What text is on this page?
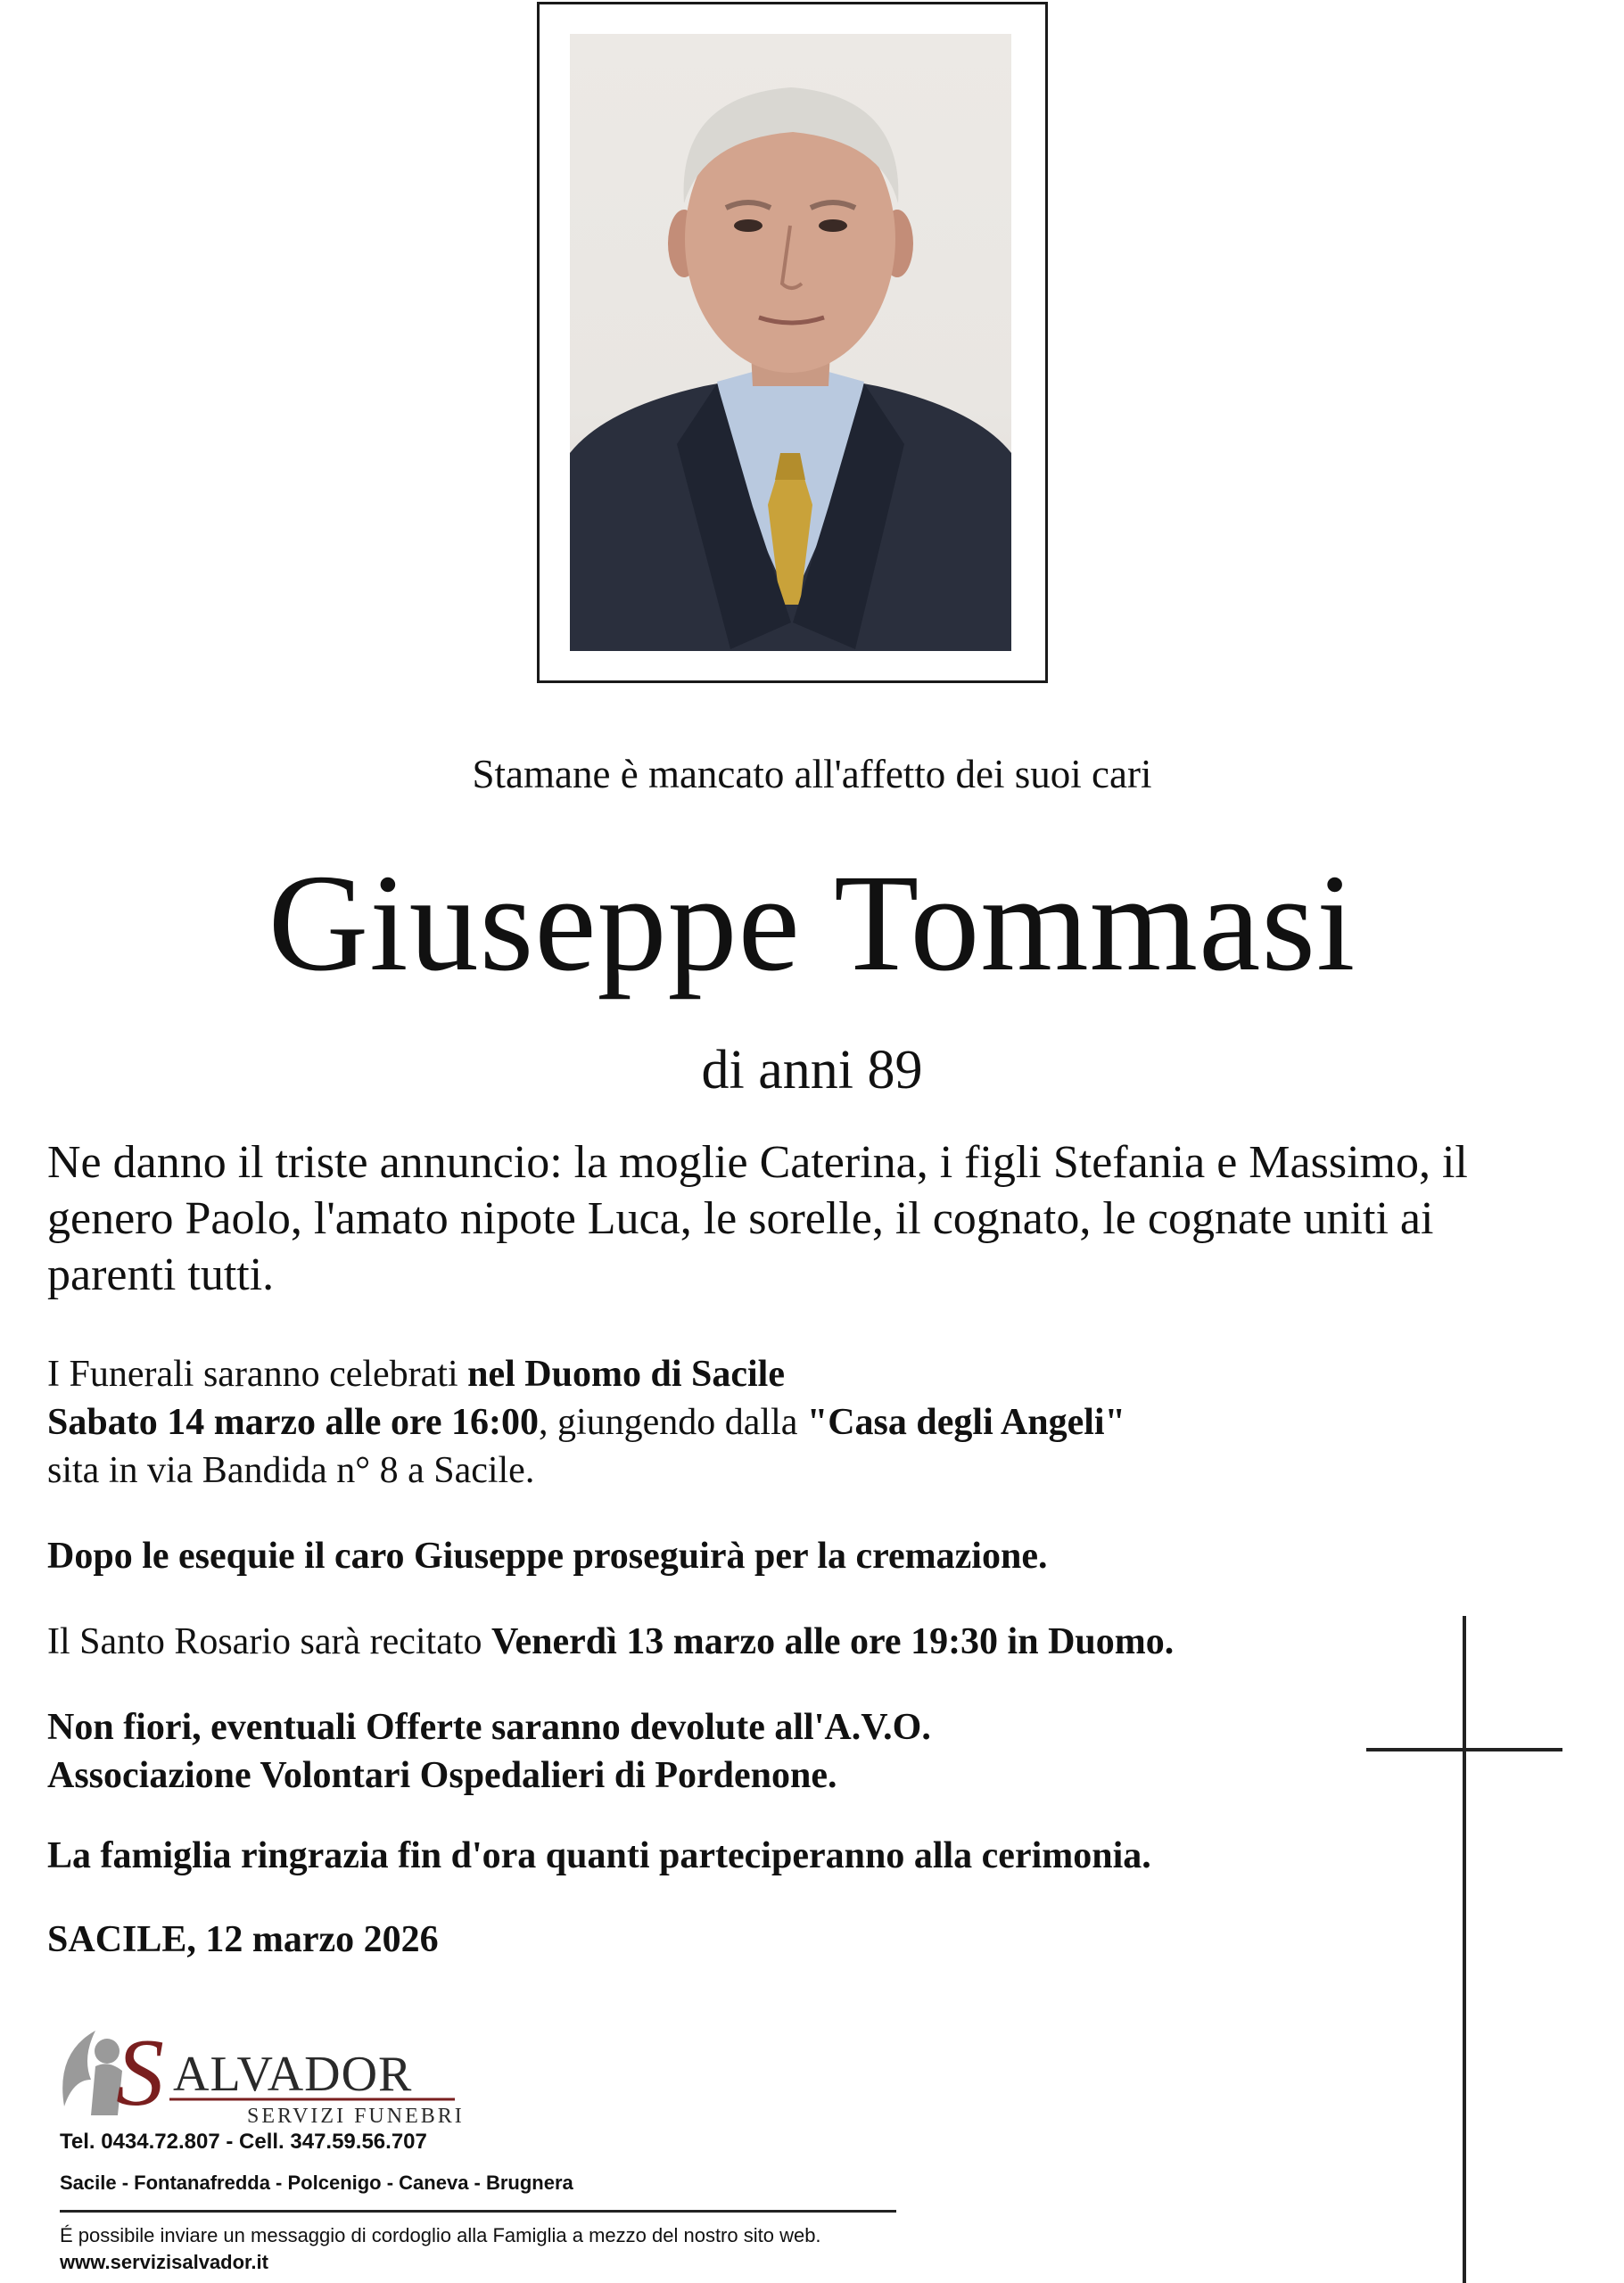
Stamane è mancato all'affetto dei suoi cari
Giuseppe Tommasi
di anni 89
Ne danno il triste annuncio: la moglie Caterina, i figli Stefania e Massimo, il genero Paolo, l'amato nipote Luca, le sorelle, il cognato, le cognate uniti ai parenti tutti.
I Funerali saranno celebrati nel Duomo di Sacile
Sabato 14 marzo alle ore 16:00, giungendo dalla "Casa degli Angeli"
sita in via Bandida n° 8 a Sacile.
Dopo le esequie il caro Giuseppe proseguirà per la cremazione.
Il Santo Rosario sarà recitato Venerdì 13 marzo alle ore 19:30 in Duomo.
Non fiori, eventuali Offerte saranno devolute all'A.V.O.
Associazione Volontari Ospedalieri di Pordenone.
La famiglia ringrazia fin d'ora quanti parteciperanno alla cerimonia.
SACILE, 12 marzo 2026
S ALVADOR
SERVIZI FUNEBRI
Tel. 0434.72.807 - Cell. 347.59.56.707
Sacile - Fontanafredda - Polcenigo - Caneva - Brugnera
É possibile inviare un messaggio di cordoglio alla Famiglia a mezzo del nostro sito web.
www.servizisalvador.it
